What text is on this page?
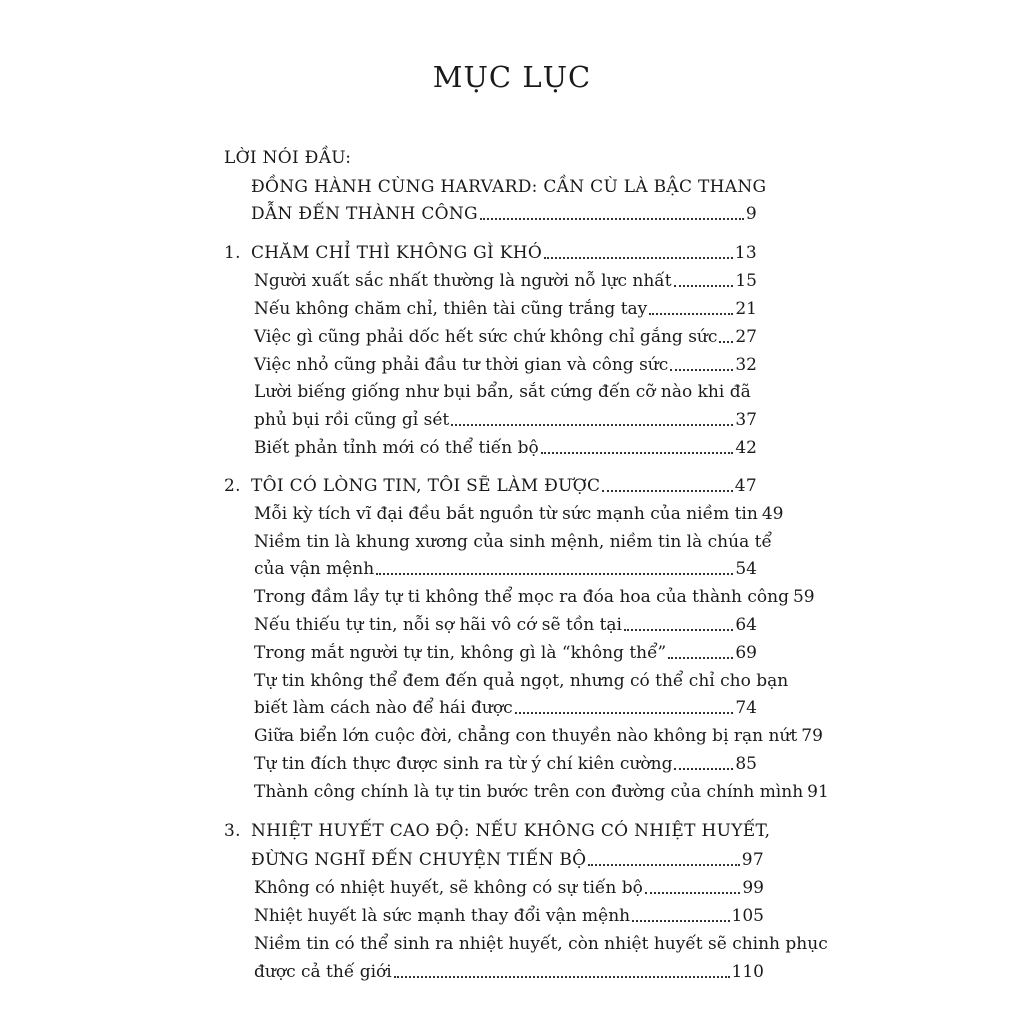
MỤC LỤC
LỜI NÓI ĐẦU:
ĐỒNG HÀNH CÙNG HARVARD: CẦN CÙ LÀ BẬC THANG
DẪN ĐẾN THÀNH CÔNG	9
1. CHĂM CHỈ THÌ KHÔNG GÌ KHÓ	13
Người xuất sắc nhất thường là người nỗ lực nhất	15
Nếu không chăm chỉ, thiên tài cũng trắng tay	21
Việc gì cũng phải dốc hết sức chứ không chỉ gắng sức 27
Việc nhỏ cũng phải đầu tư thời gian và công sức	32
Lười biếng giống như bụi bẩn, sắt cứng đến cỡ nào khi đã
phủ bụi rồi cũng gỉ sét	37
Biết phản tỉnh mới có thể tiến bộ	42
2. TÔI CÓ LÒNG TIN, TÔI SẼ LÀM ĐƯỢC	47
Mỗi kỳ tích vĩ đại đều bắt nguồn từ sức mạnh của niềm tin 49
Niềm tin là khung xương của sinh mệnh, niềm tin là chúa tể
của vận mệnh	54
Trong đầm lầy tự ti không thể mọc ra đóa hoa của thành công 59
Nếu thiếu tự tin, nỗi sợ hãi vô cớ sẽ tồn tại	64
Trong mắt người tự tin, không gì là “không thể”	69
Tự tin không thể đem đến quả ngọt, nhưng có thể chỉ cho bạn
biết làm cách nào để hái được	74
Giữa biển lớn cuộc đời, chẳng con thuyền nào không bị rạn nứt 79
Tự tin đích thực được sinh ra từ ý chí kiên cường	85
Thành công chính là tự tin bước trên con đường của chính mình 91
3. NHIỆT HUYẾT CAO ĐỘ: NẾU KHÔNG CÓ NHIỆT HUYẾT,
ĐỪNG NGHĨ ĐẾN CHUYỆN TIẾN BỘ	97
Không có nhiệt huyết, sẽ không có sự tiến bộ	99
Nhiệt huyết là sức mạnh thay đổi vận mệnh	105
Niềm tin có thể sinh ra nhiệt huyết, còn nhiệt huyết sẽ chinh phục
được cả thế giới	110
